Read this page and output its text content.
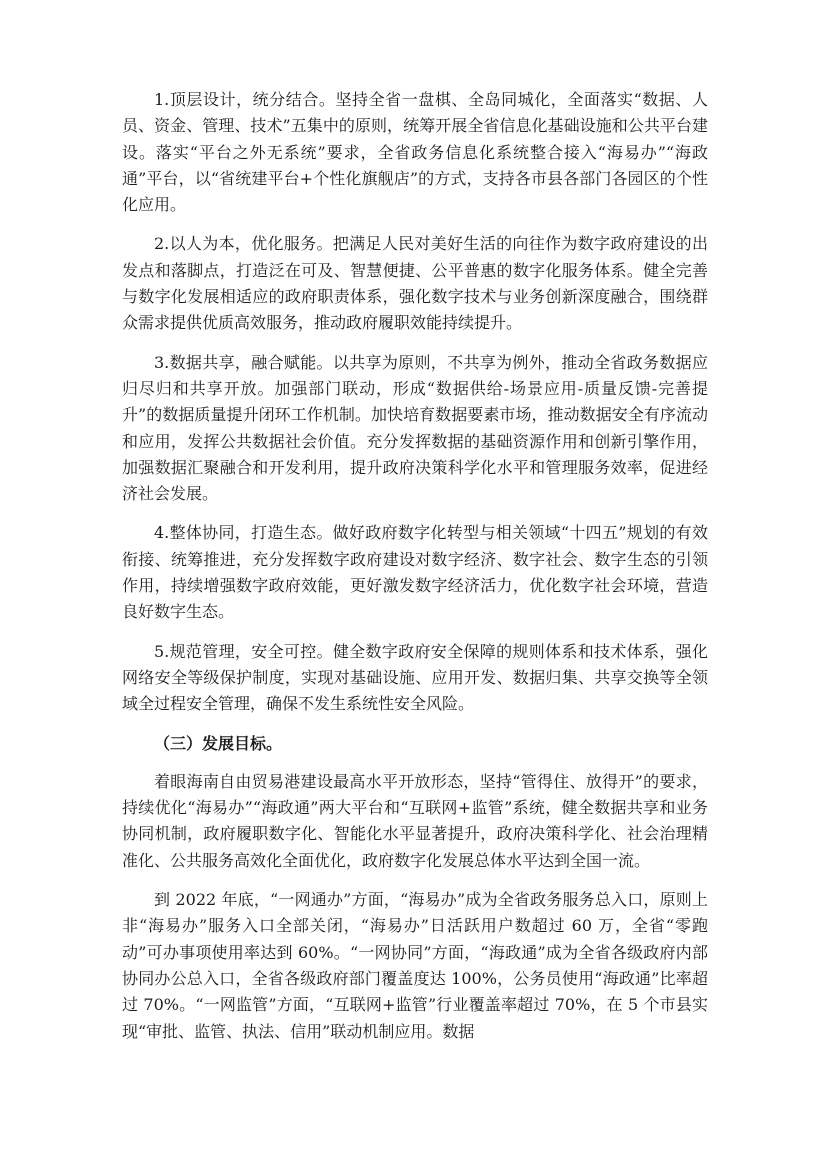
1.顶层设计，统分结合。坚持全省一盘棋、全岛同城化，全面落实“数据、人员、资金、管理、技术”五集中的原则，统筹开展全省信息化基础设施和公共平台建设。落实“平台之外无系统”要求，全省政务信息化系统整合接入“海易办”“海政通”平台，以“省统建平台+个性化旗舰店”的方式，支持各市县各部门各园区的个性化应用。

2.以人为本，优化服务。把满足人民对美好生活的向往作为数字政府建设的出发点和落脚点，打造泛在可及、智慧便捷、公平普惠的数字化服务体系。健全完善与数字化发展相适应的政府职责体系，强化数字技术与业务创新深度融合，围绕群众需求提供优质高效服务，推动政府履职效能持续提升。

3.数据共享，融合赋能。以共享为原则，不共享为例外，推动全省政务数据应归尽归和共享开放。加强部门联动，形成“数据供给-场景应用-质量反馈-完善提升”的数据质量提升闭环工作机制。加快培育数据要素市场，推动数据安全有序流动和应用，发挥公共数据社会价值。充分发挥数据的基础资源作用和创新引擎作用，加强数据汇聚融合和开发利用，提升政府决策科学化水平和管理服务效率，促进经济社会发展。

4.整体协同，打造生态。做好政府数字化转型与相关领域“十四五”规划的有效衔接、统筹推进，充分发挥数字政府建设对数字经济、数字社会、数字生态的引领作用，持续增强数字政府效能，更好激发数字经济活力，优化数字社会环境，营造良好数字生态。

5.规范管理，安全可控。健全数字政府安全保障的规则体系和技术体系，强化网络安全等级保护制度，实现对基础设施、应用开发、数据归集、共享交换等全领域全过程安全管理，确保不发生系统性安全风险。

（三）发展目标。

着眼海南自由贸易港建设最高水平开放形态，坚持“管得住、放得开”的要求，持续优化“海易办”“海政通”两大平台和“互联网+监管”系统，健全数据共享和业务协同机制，政府履职数字化、智能化水平显著提升，政府决策科学化、社会治理精准化、公共服务高效化全面优化，政府数字化发展总体水平达到全国一流。

到 2022 年底，“一网通办”方面，“海易办”成为全省政务服务总入口，原则上非“海易办”服务入口全部关闭，“海易办”日活跃用户数超过 60 万，全省“零跑动”可办事项使用率达到 60%。“一网协同”方面，“海政通”成为全省各级政府内部协同办公总入口，全省各级政府部门覆盖度达 100%，公务员使用“海政通”比率超过 70%。“一网监管”方面，“互联网+监管”行业覆盖率超过 70%，在 5 个市县实现“审批、监管、执法、信用”联动机制应用。数据
